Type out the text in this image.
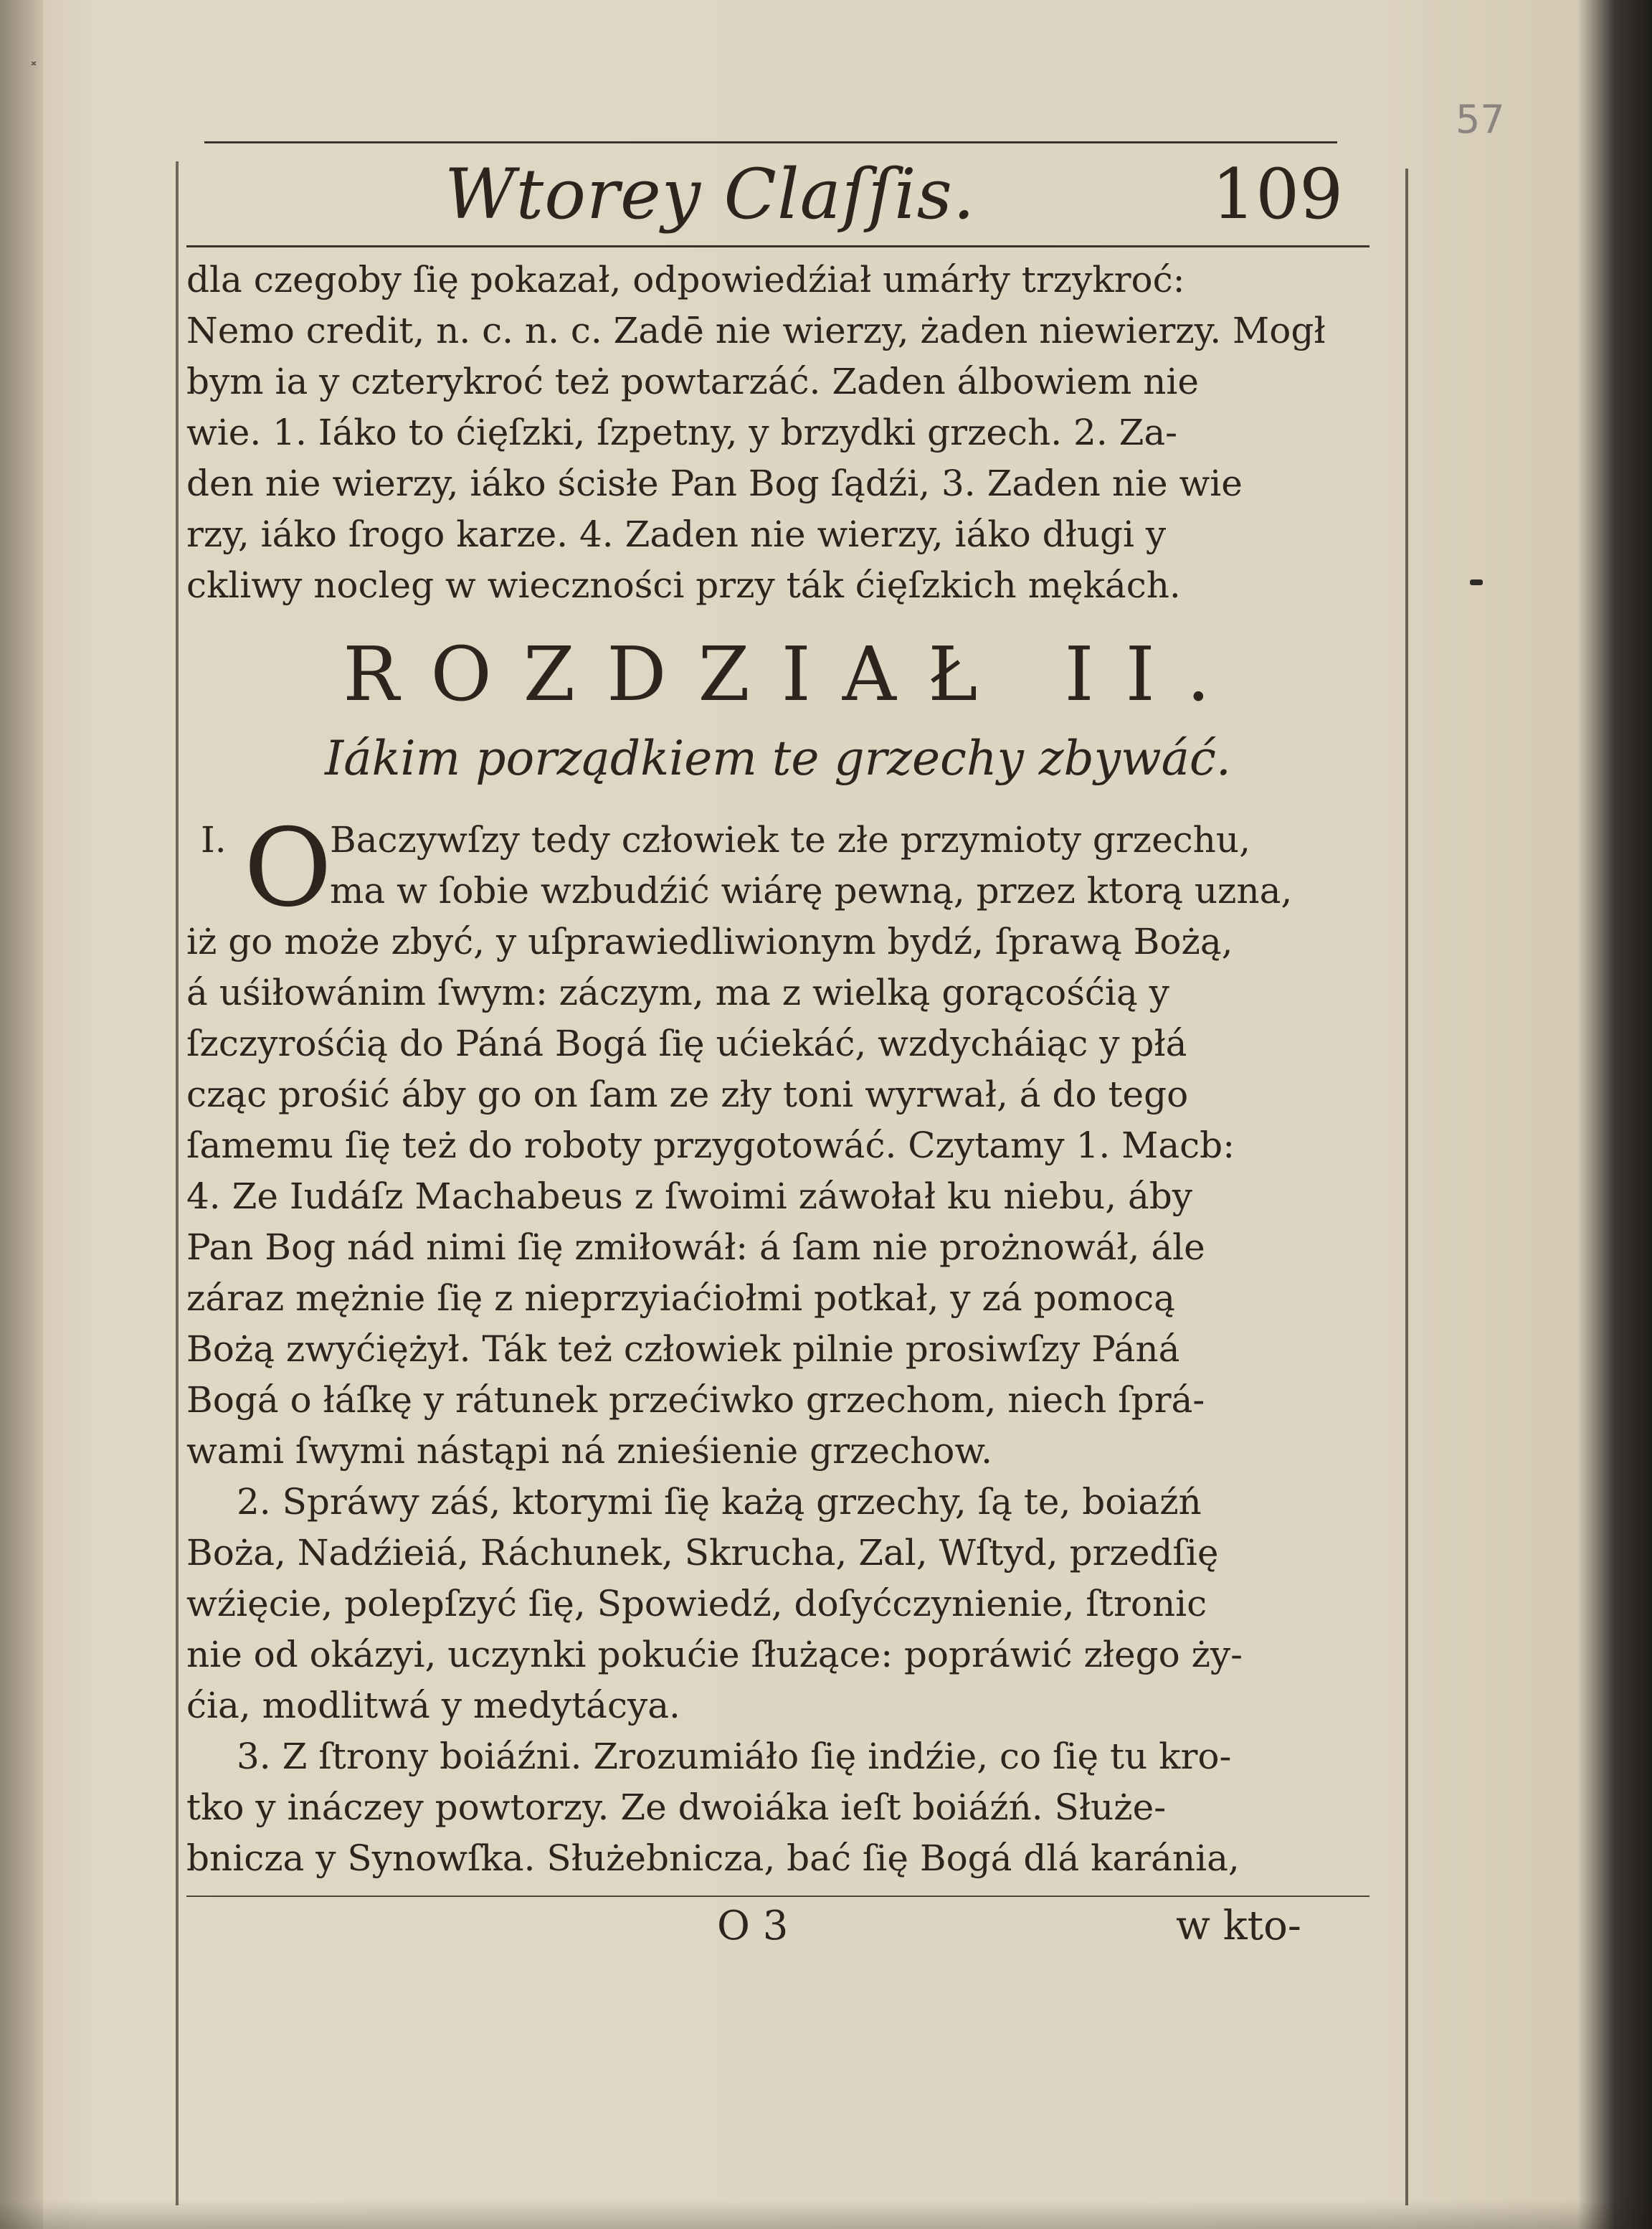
˟
57
Wtorey Claſſis.	109
dla czegoby ſię pokazał, odpowiedźiał umárły trzykroć:
Nemo credit, n. c. n. c. Zadē nie wierzy, żaden niewierzy. Mogł
bym ia y czterykroć też powtarzáć. Zaden álbowiem nie
wie. 1. Iáko to ćięſzki, ſzpetny, y brzydki grzech. 2. Za-
den nie wierzy, iáko ścisłe Pan Bog ſądźi, 3. Zaden nie wie
rzy, iáko ſrogo karze. 4. Zaden nie wierzy, iáko długi y
ckliwy nocleg w wieczności przy ták ćięſzkich mękách.
ROZDZIAŁ II.
Iákim porządkiem te grzechy zbywáć.
I. O
Baczywſzy tedy człowiek te złe przymioty grzechu,
ma w ſobie wzbudźić wiárę pewną, przez ktorą uzna,
iż go może zbyć, y uſprawiedliwionym bydź, ſprawą Bożą,
á uśiłowánim ſwym: záczym, ma z wielką gorącośćią y
ſzczyrośćią do Páná Bogá ſię ućiekáć, wzdycháiąc y płá
cząc prośić áby go on ſam ze zły toni wyrwał, á do tego
ſamemu ſię też do roboty przygotowáć. Czytamy 1. Macb:
4. Ze Iudáſz Machabeus z ſwoimi záwołał ku niebu, áby
Pan Bog nád nimi ſię zmiłowáł: á ſam nie prożnowáł, ále
záraz mężnie ſię z nieprzyiaćiołmi potkał, y zá pomocą
Bożą zwyćiężył. Ták też człowiek pilnie prosiwſzy Páná
Bogá o łáſkę y rátunek przećiwko grzechom, niech ſprá-
wami ſwymi nástąpi ná znieśienie grzechow.
2. Spráwy záś, ktorymi ſię każą grzechy, ſą te, boiaźń
Boża, Nadźieiá, Ráchunek, Skrucha, Zal, Wſtyd, przedſię
wźięcie, polepſzyć ſię, Spowiedź, doſyćczynienie, ſtronic
nie od okázyi, uczynki pokućie ſłużące: popráwić złego ży-
ćia, modlitwá y medytácya.
3. Z ſtrony boiáźni. Zrozumiáło ſię indźie, co ſię tu kro-
tko y ináczey powtorzy. Ze dwoiáka ieſt boiáźń. Służe-
bnicza y Synowſka. Służebnicza, bać ſię Bogá dlá karánia,
O 3	w kto-
